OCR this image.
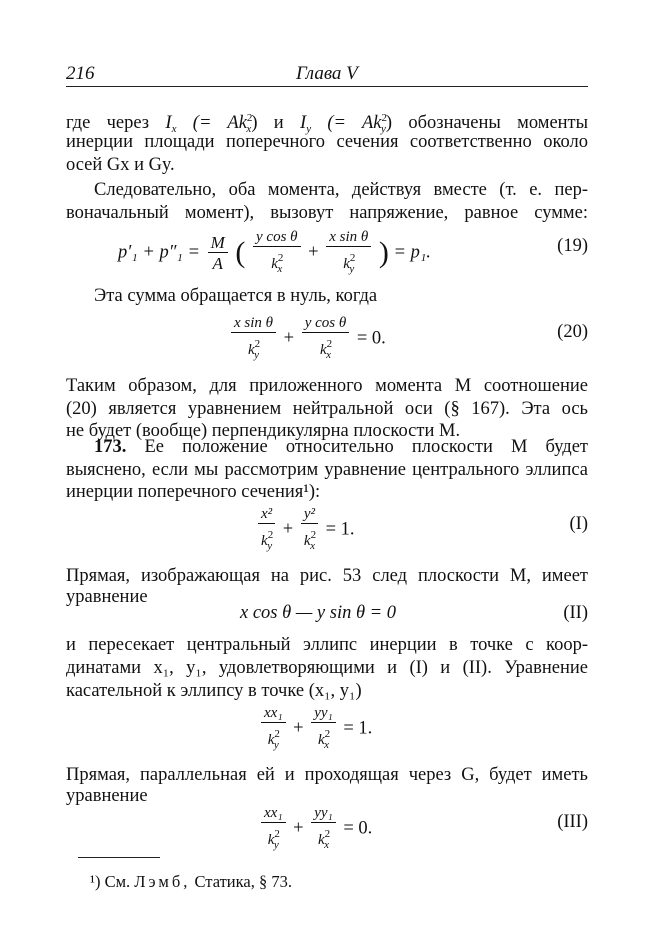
216	Глава V
где через $I_x$ (= $Ak^2_x$) и $I_y$ (= $Ak^2_y$) обозначены моменты
инерции площади поперечного сечения соответственно около
осей Gx и Gy.
Следовательно, оба момента, действуя вместе (т. е. пер-
воначальный момент), вызовут напряжение, равное сумме:
$p'_1 + p''_1 = \frac{M}{A}$ ( $\frac{\text{y cos θ}}{k^2_x} + \frac{\text{x sin θ}}{k^2_y}$ ) = p₁.	(19)
Эта сумма обращается в нуль, когда
$\frac{\text{x sin θ}}{k^2_y} + \frac{\text{y cos θ}}{k^2_x} = 0$.	(20)
Таким образом, для приложенного момента M соотношение
(20) является уравнением нейтральной оси (§ 167). Эта ось
не будет (вообще) перпендикулярна плоскости M.
173. Ее положение относительно плоскости M будет
выяснено, если мы рассмотрим уравнение центрального эллипса
инерции поперечного сечения¹):
$\frac{\text{x²}}{k^2_y} + \frac{\text{y²}}{k^2_x} = 1$.	(I)
Прямая, изображающая на рис. 53 след плоскости M, имеет
уравнение
x cos θ — y sin θ = 0	(II)
и пересекает центральный эллипс инерции в точке с коор-
динатами x₁, y₁, удовлетворяющими и (I) и (II). Уравнение
касательной к эллипсу в точке (x₁, y₁)
$\frac{\text{xx₁}}{k^2_y} + \frac{\text{yy₁}}{k^2_x} = 1$.
Прямая, параллельная ей и проходящая через G, будет иметь
уравнение
$\frac{\text{xx₁}}{k^2_y} + \frac{\text{yy₁}}{k^2_x} = 0$.	(III)
¹) См. Лэмб, Статика, § 73.
